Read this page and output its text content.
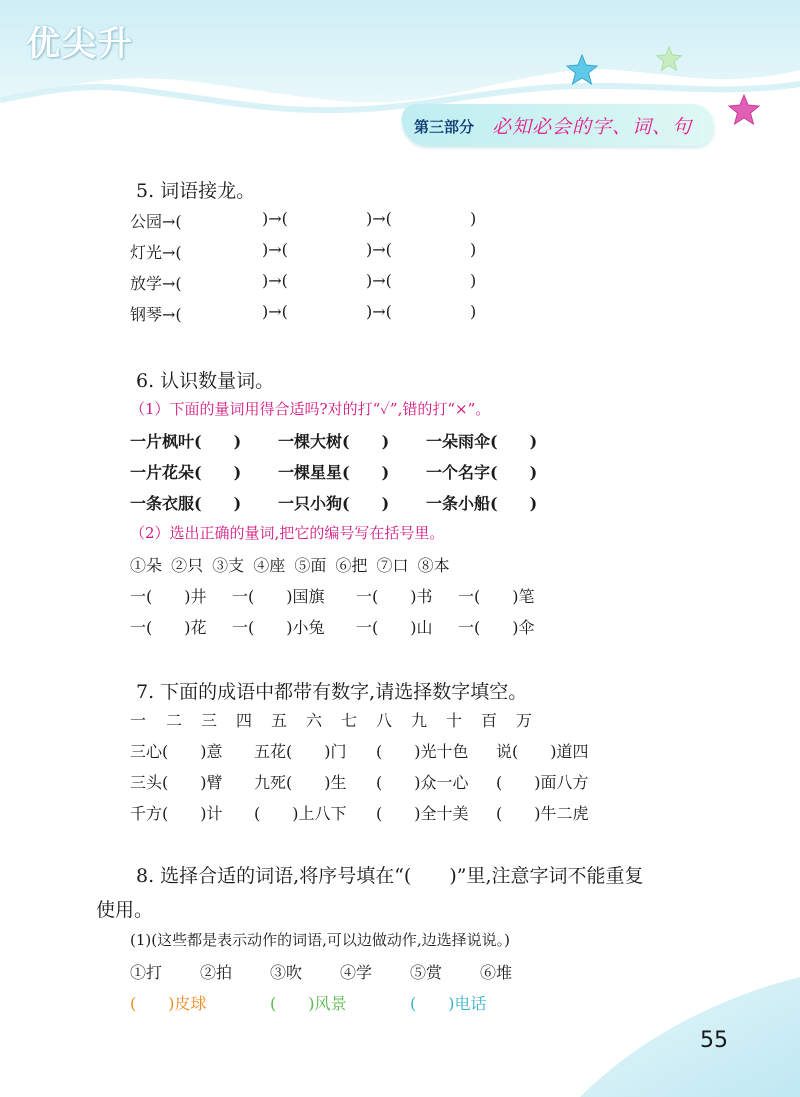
优尖升
第三部分 必知必会的字、词、句
5. 词语接龙。
公园→(	)→(	)→(	)
灯光→(	)→(	)→(	)
放学→(	)→(	)→(	)
钢琴→(	)→(	)→(	)
6. 认识数量词。
（1）下面的量词用得合适吗?对的打“✓”,错的打“×”。
一片枫叶(　　) 一棵大树(　　) 一朵雨伞(　　)
一片花朵(　　) 一棵星星(　　) 一个名字(　　)
一条衣服(　　) 一只小狗(　　) 一条小船(　　)
（2）选出正确的量词,把它的编号写在括号里。
①朵 ②只 ③支 ④座 ⑤面 ⑥把 ⑦口 ⑧本
一(　　)井 一(　　)国旗 一(　　)书 一(　　)笔
一(　　)花 一(　　)小兔 一(　　)山 一(　　)伞
7. 下面的成语中都带有数字,请选择数字填空。
一 二 三 四 五 六 七 八 九 十 百 万
三心(　　)意 五花(　　)门 (　　)光十色 说(　　)道四
三头(　　)臂 九死(　　)生 (　　)众一心 (　　)面八方
千方(　　)计 (　　)上八下 (　　)全十美 (　　)牛二虎
8. 选择合适的词语,将序号填在“(　　)”里,注意字词不能重复
使用。
(1)(这些都是表示动作的词语,可以边做动作,边选择说说。)
①打 ②拍 ③吹 ④学 ⑤赏 ⑥堆
(　　)皮球	(　　)风景	(　　)电话
55
